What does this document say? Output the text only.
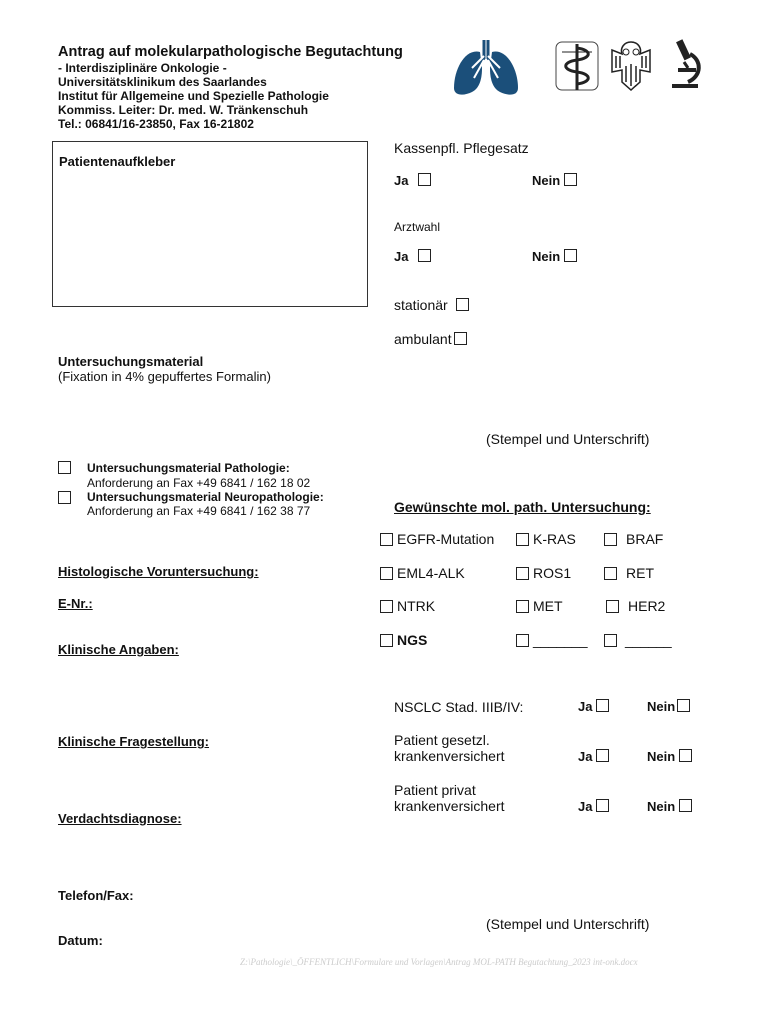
Antrag auf molekularpathologische Begutachtung
- Interdisziplinäre Onkologie -
Universitätsklinikum des Saarlandes
Institut für Allgemeine und Spezielle Pathologie
Kommiss. Leiter: Dr. med. W. Tränkenschuh
Tel.: 06841/16-23850, Fax 16-21802
Patientenaufkleber
Kassenpfl. Pflegesatz
Ja	Nein
Arztwahl
Ja	Nein
stationär
ambulant
(Stempel und Unterschrift)
Untersuchungsmaterial
(Fixation in 4% gepuffertes Formalin)
Untersuchungsmaterial Pathologie:
Anforderung an Fax +49 6841 / 162 18 02
Untersuchungsmaterial Neuropathologie:
Anforderung an Fax +49 6841 / 162 38 77	Gewünschte mol. path. Untersuchung:
EGFR-Mutation	K-RAS	BRAF
EML4-ALK	ROS1	RET
NTRK	MET	HER2
NGS	_______	______
Histologische Voruntersuchung:
E-Nr.:
Klinische Angaben:
Klinische Fragestellung:
Verdachtsdiagnose:
Telefon/Fax:
Datum:
NSCLC Stad. IIIB/IV:	Ja	Nein
Patient gesetzl.
krankenversichert	Ja	Nein
Patient privat
krankenversichert	Ja	Nein
(Stempel und Unterschrift)
Z:\Pathologie\_ÖFFENTLICH\Formulare und Vorlagen\Antrag MOL-PATH Begutachtung_2023 int-onk.docx
